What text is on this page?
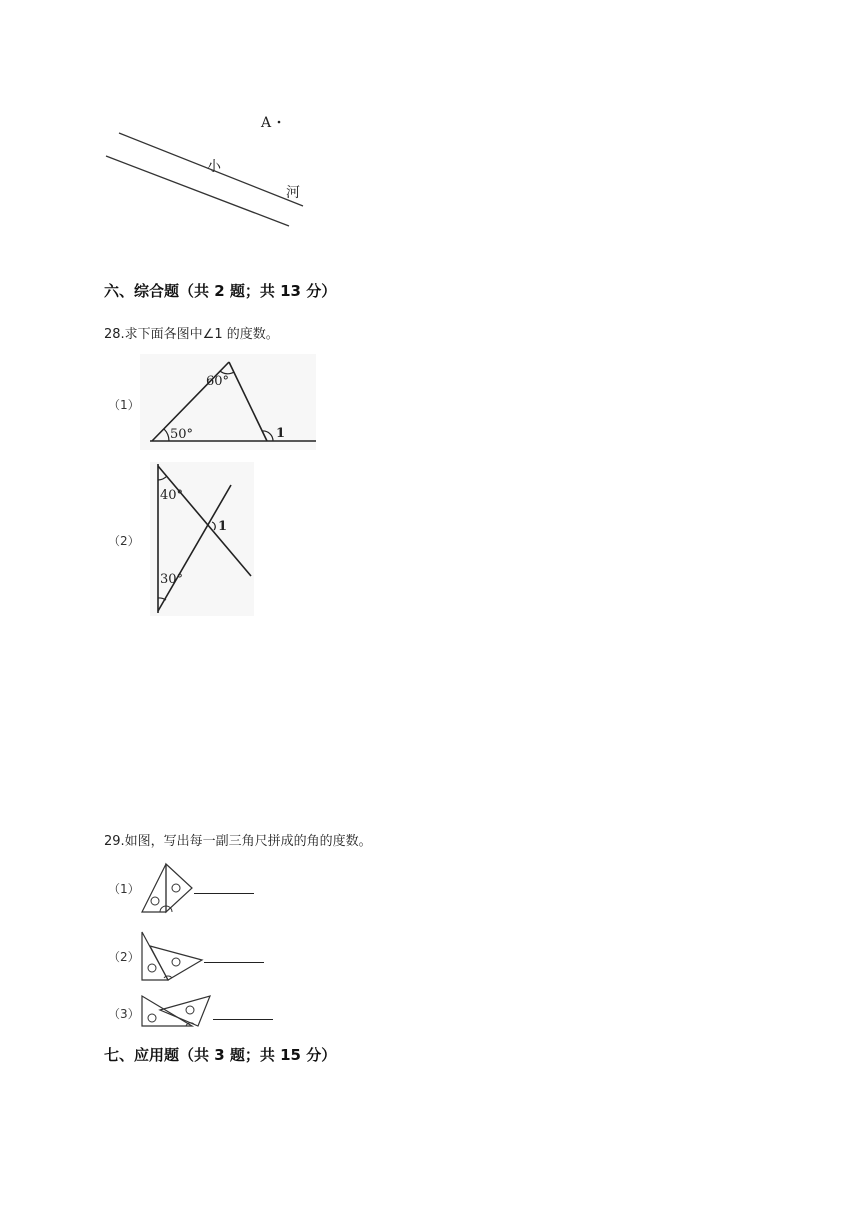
A
小
河
六、综合题（共 2 题；共 13 分）
28.求下面各图中∠1 的度数。
（1）
60°
50°	1
（2）
40°
30°
1
29.如图，写出每一副三角尺拼成的角的度数。
（1）
（2）
（3）
七、应用题（共 3 题；共 15 分）
